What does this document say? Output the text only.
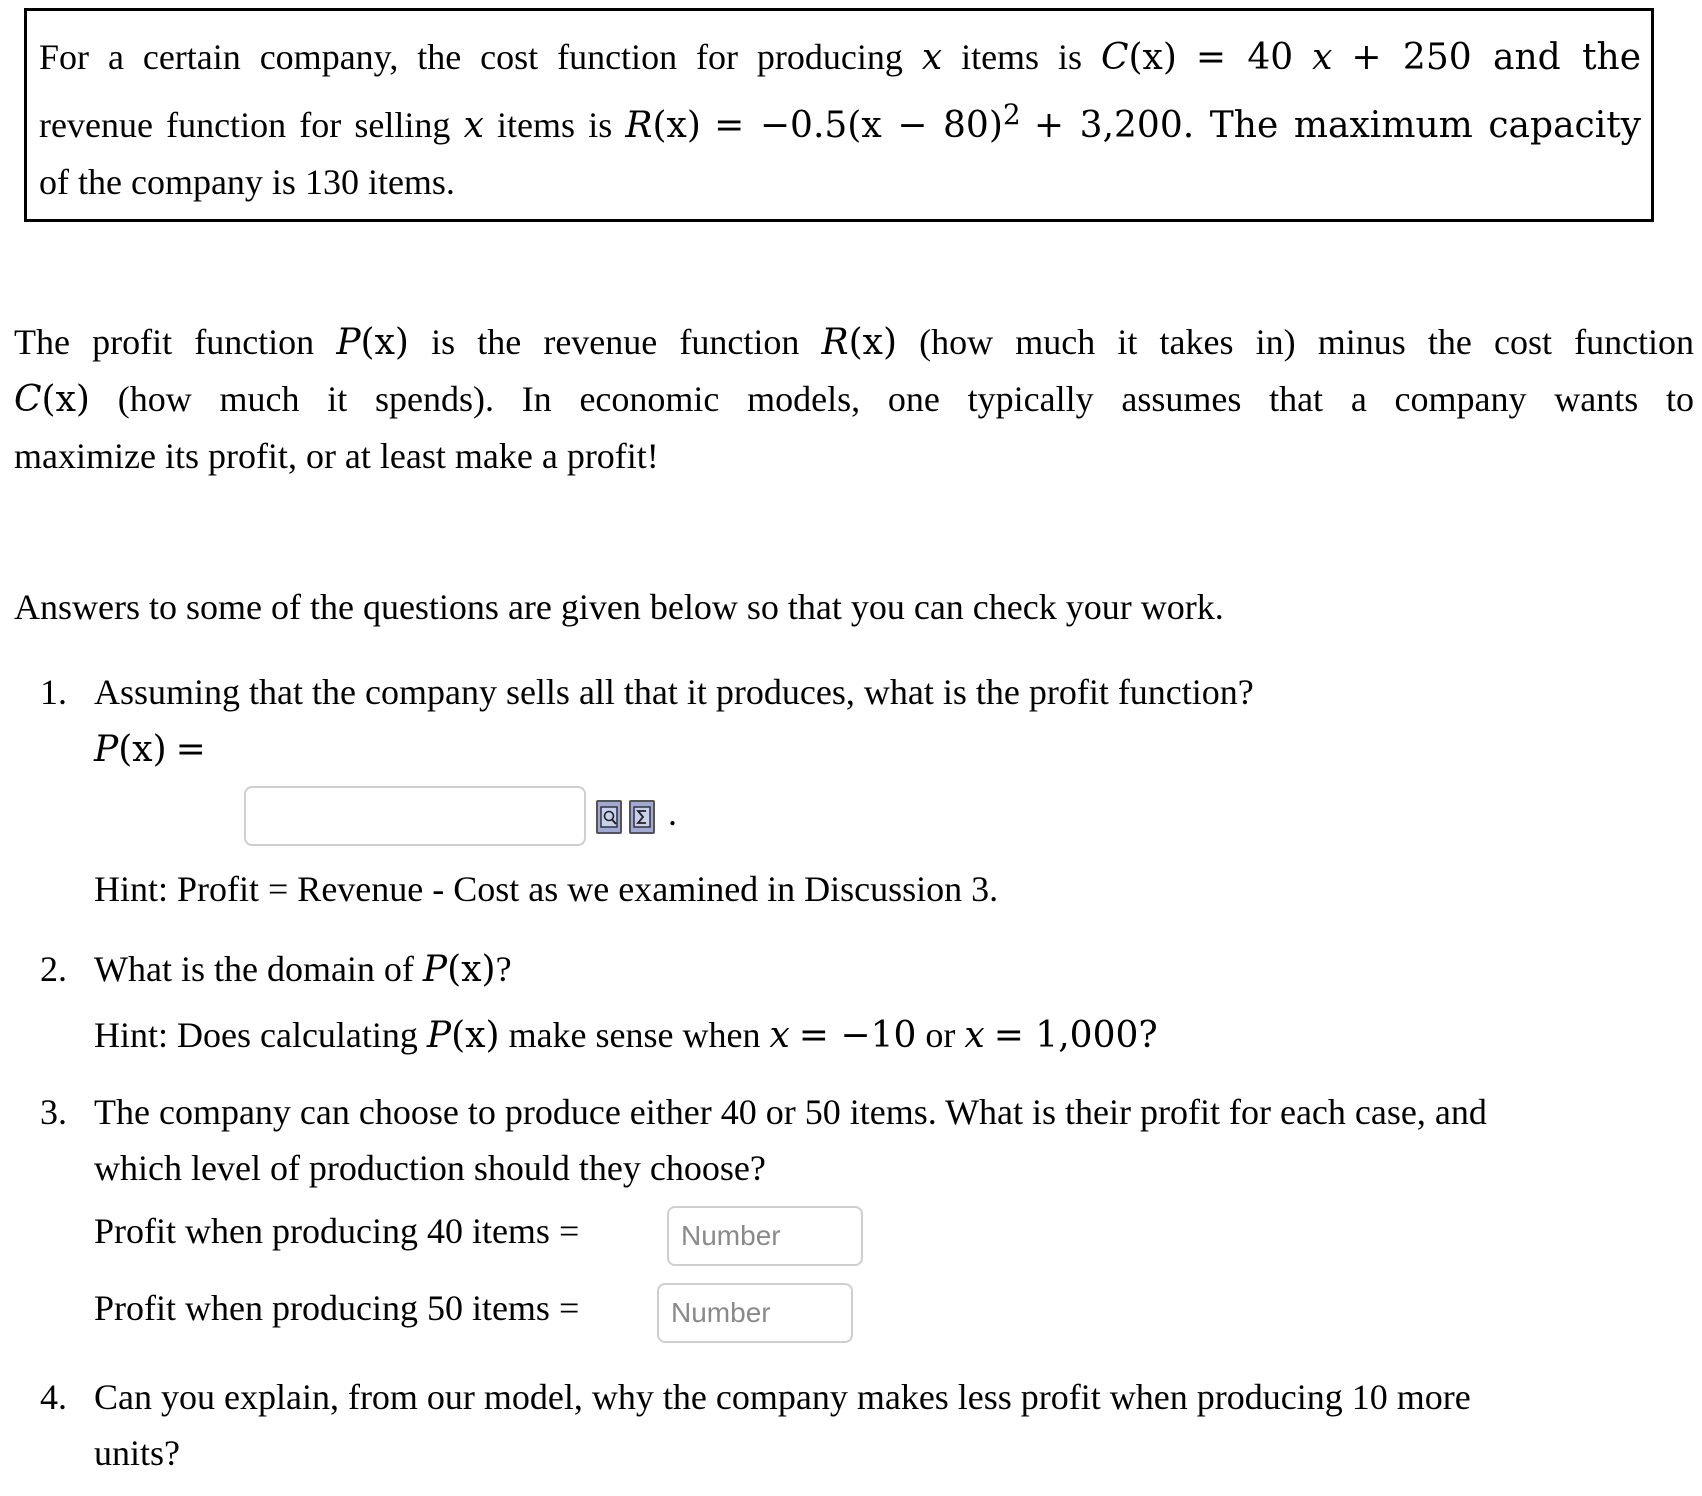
For a certain company, the cost function for producing x items is C(x) = 40 x + 250 and the
revenue function for selling x items is $R(x) = -0.5(x - 80)^2 + 3,200$. The maximum capacity
of the company is 130 items.
The profit function P(x) is the revenue function R(x) (how much it takes in) minus the cost function
C(x) (how much it spends). In economic models, one typically assumes that a company wants to
maximize its profit, or at least make a profit!
Answers to some of the questions are given below so that you can check your work.
1. Assuming that the company sells all that it produces, what is the profit function?
P(x) =
.
Hint: Profit = Revenue - Cost as we examined in Discussion 3.
2. What is the domain of P(x)?
Hint: Does calculating P(x) make sense when x = −10 or x = 1,000?
3. The company can choose to produce either 40 or 50 items. What is their profit for each case, and
which level of production should they choose?
Profit when producing 40 items =	Number
Profit when producing 50 items =	Number
4. Can you explain, from our model, why the company makes less profit when producing 10 more
units?
